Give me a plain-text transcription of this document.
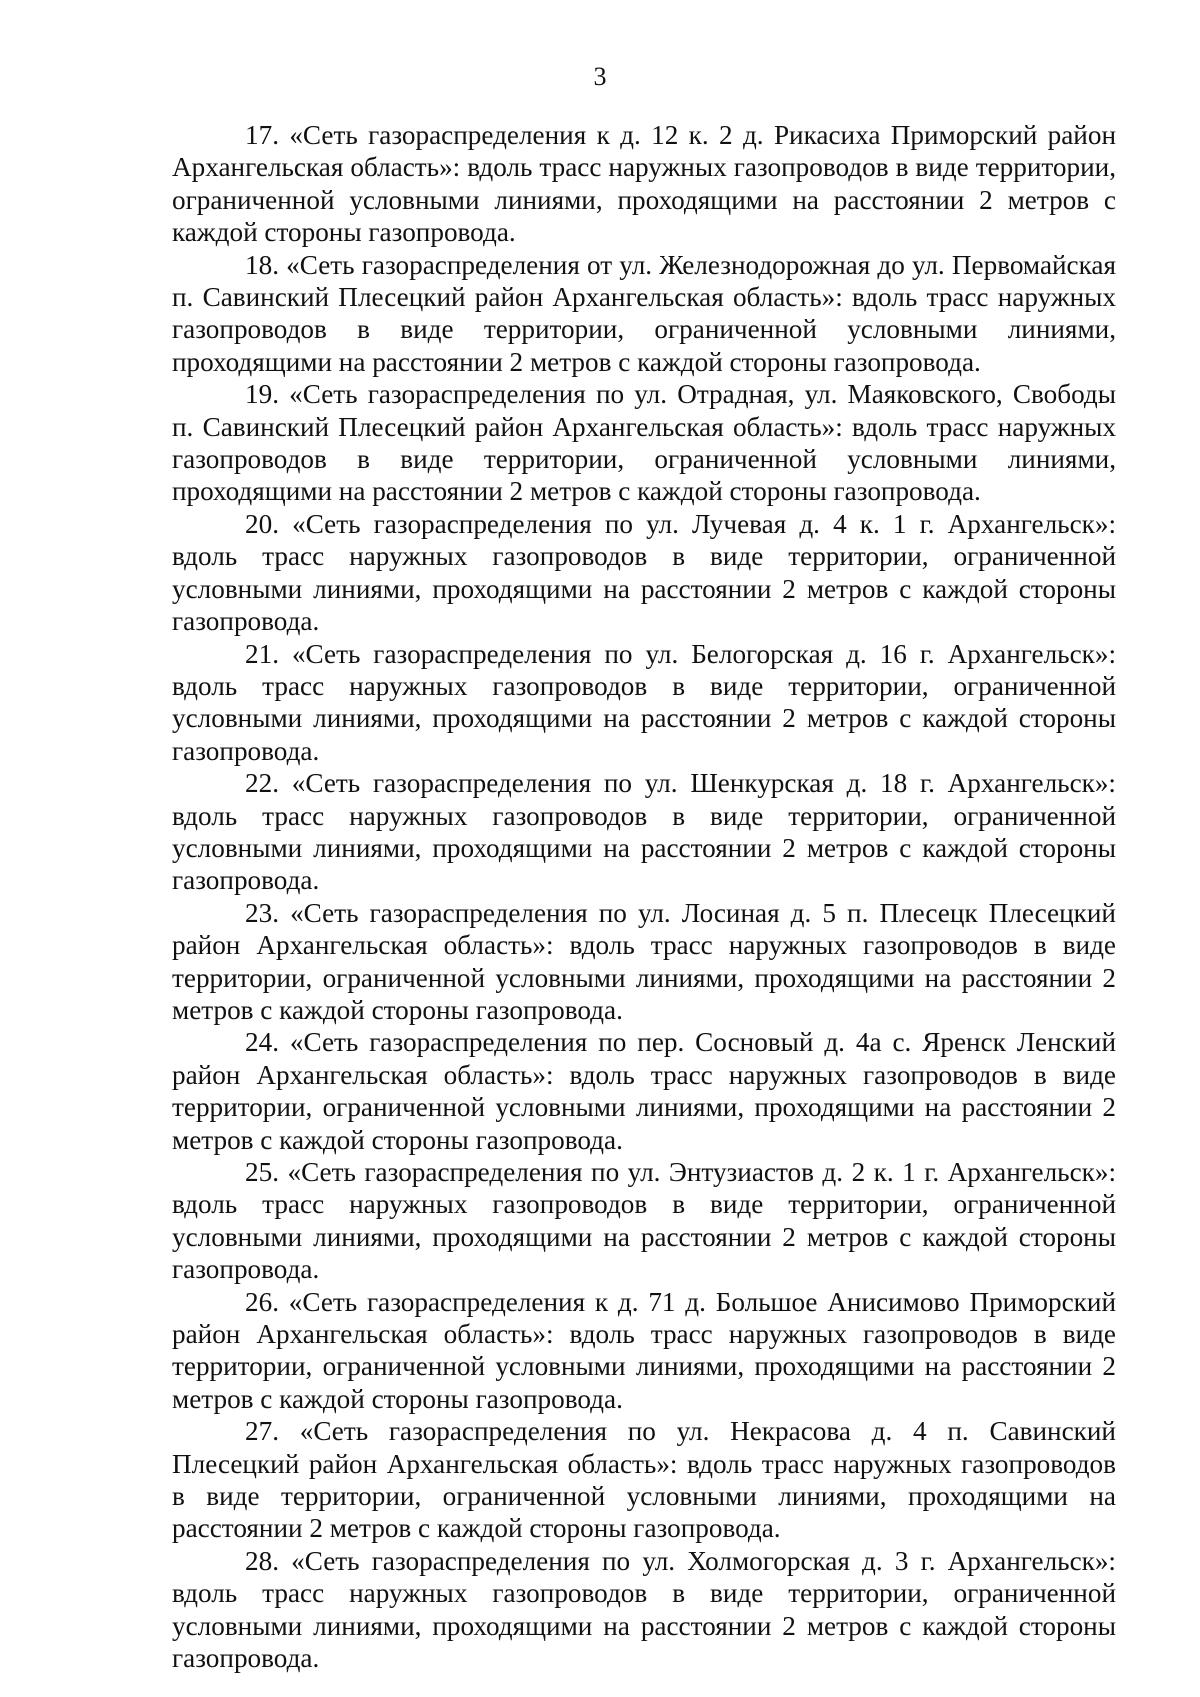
3

17. «Сеть газораспределения к д. 12 к. 2 д. Рикасиха Приморский район Архангельская область»: вдоль трасс наружных газопроводов в виде территории, ограниченной условными линиями, проходящими на расстоянии 2 метров с каждой стороны газопровода.

18. «Сеть газораспределения от ул. Железнодорожная до ул. Первомайская п. Савинский Плесецкий район Архангельская область»: вдоль трасс наружных газопроводов в виде территории, ограниченной условными линиями, проходящими на расстоянии 2 метров с каждой стороны газопровода.

19. «Сеть газораспределения по ул. Отрадная, ул. Маяковского, Свободы п. Савинский Плесецкий район Архангельская область»: вдоль трасс наружных газопроводов в виде территории, ограниченной условными линиями, проходящими на расстоянии 2 метров с каждой стороны газопровода.

20. «Сеть газораспределения по ул. Лучевая д. 4 к. 1 г. Архангельск»: вдоль трасс наружных газопроводов в виде территории, ограниченной условными линиями, проходящими на расстоянии 2 метров с каждой стороны газопровода.

21. «Сеть газораспределения по ул. Белогорская д. 16 г. Архангельск»: вдоль трасс наружных газопроводов в виде территории, ограниченной условными линиями, проходящими на расстоянии 2 метров с каждой стороны газопровода.

22. «Сеть газораспределения по ул. Шенкурская д. 18 г. Архангельск»: вдоль трасс наружных газопроводов в виде территории, ограниченной условными линиями, проходящими на расстоянии 2 метров с каждой стороны газопровода.

23. «Сеть газораспределения по ул. Лосиная д. 5 п. Плесецк Плесецкий район Архангельская область»: вдоль трасс наружных газопроводов в виде территории, ограниченной условными линиями, проходящими на расстоянии 2 метров с каждой стороны газопровода.

24. «Сеть газораспределения по пер. Сосновый д. 4а с. Яренск Ленский район Архангельская область»: вдоль трасс наружных газопроводов в виде территории, ограниченной условными линиями, проходящими на расстоянии 2 метров с каждой стороны газопровода.

25. «Сеть газораспределения по ул. Энтузиастов д. 2 к. 1 г. Архангельск»: вдоль трасс наружных газопроводов в виде территории, ограниченной условными линиями, проходящими на расстоянии 2 метров с каждой стороны газопровода.

26. «Сеть газораспределения к д. 71 д. Большое Анисимово Приморский район Архангельская область»: вдоль трасс наружных газопроводов в виде территории, ограниченной условными линиями, проходящими на расстоянии 2 метров с каждой стороны газопровода.

27. «Сеть газораспределения по ул. Некрасова д. 4 п. Савинский Плесецкий район Архангельская область»: вдоль трасс наружных газопроводов в виде территории, ограниченной условными линиями, проходящими на расстоянии 2 метров с каждой стороны газопровода.

28. «Сеть газораспределения по ул. Холмогорская д. 3 г. Архангельск»: вдоль трасс наружных газопроводов в виде территории, ограниченной условными линиями, проходящими на расстоянии 2 метров с каждой стороны газопровода.
